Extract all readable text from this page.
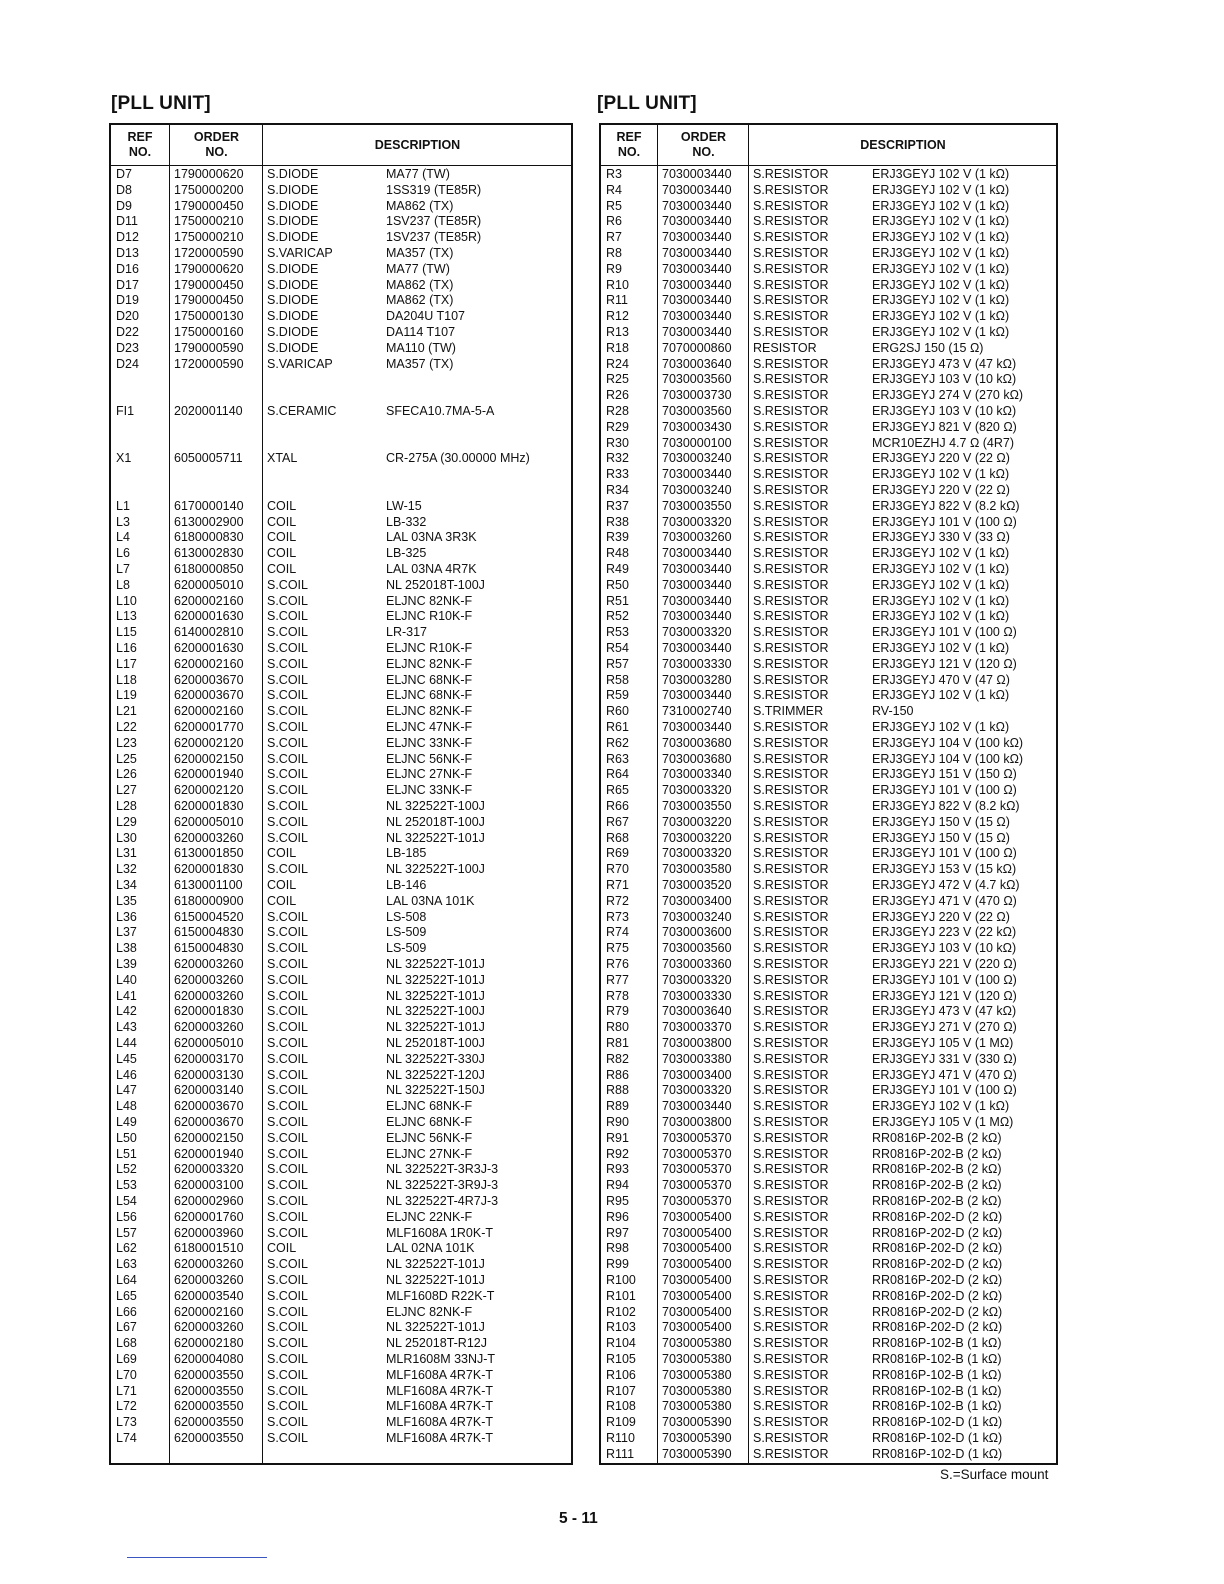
[PLL UNIT]	[PLL UNIT]
REF
NO.
ORDER
NO.
DESCRIPTION
D7	1790000620 S.DIODE	MA77 (TW)
D8	1750000200 S.DIODE	1SS319 (TE85R)
D9	1790000450 S.DIODE	MA862 (TX)
D11	1750000210 S.DIODE	1SV237 (TE85R)
D12	1750000210 S.DIODE	1SV237 (TE85R)
D13	1720000590 S.VARICAP	MA357 (TX)
D16	1790000620 S.DIODE	MA77 (TW)
D17	1790000450 S.DIODE	MA862 (TX)
D19	1790000450 S.DIODE	MA862 (TX)
D20	1750000130 S.DIODE	DA204U T107
D22	1750000160 S.DIODE	DA114 T107
D23	1790000590 S.DIODE	MA110 (TW)
D24	1720000590 S.VARICAP	MA357 (TX)
FI1	2020001140 S.CERAMIC	SFECA10.7MA-5-A
X1	6050005711 XTAL	CR-275A (30.00000 MHz)
L1	6170000140 COIL	LW-15
L3	6130002900 COIL	LB-332
L4	6180000830 COIL	LAL 03NA 3R3K
L6	6130002830 COIL	LB-325
L7	6180000850 COIL	LAL 03NA 4R7K
L8	6200005010 S.COIL	NL 252018T-100J
L10	6200002160 S.COIL	ELJNC 82NK-F
L13	6200001630 S.COIL	ELJNC R10K-F
L15	6140002810 S.COIL	LR-317
L16	6200001630 S.COIL	ELJNC R10K-F
L17	6200002160 S.COIL	ELJNC 82NK-F
L18	6200003670 S.COIL	ELJNC 68NK-F
L19	6200003670 S.COIL	ELJNC 68NK-F
L21	6200002160 S.COIL	ELJNC 82NK-F
L22	6200001770 S.COIL	ELJNC 47NK-F
L23	6200002120 S.COIL	ELJNC 33NK-F
L25	6200002150 S.COIL	ELJNC 56NK-F
L26	6200001940 S.COIL	ELJNC 27NK-F
L27	6200002120 S.COIL	ELJNC 33NK-F
L28	6200001830 S.COIL	NL 322522T-100J
L29	6200005010 S.COIL	NL 252018T-100J
L30	6200003260 S.COIL	NL 322522T-101J
L31	6130001850 COIL	LB-185
L32	6200001830 S.COIL	NL 322522T-100J
L34	6130001100 COIL	LB-146
L35	6180000900 COIL	LAL 03NA 101K
L36	6150004520 S.COIL	LS-508
L37	6150004830 S.COIL	LS-509
L38	6150004830 S.COIL	LS-509
L39	6200003260 S.COIL	NL 322522T-101J
L40	6200003260 S.COIL	NL 322522T-101J
L41	6200003260 S.COIL	NL 322522T-101J
L42	6200001830 S.COIL	NL 322522T-100J
L43	6200003260 S.COIL	NL 322522T-101J
L44	6200005010 S.COIL	NL 252018T-100J
L45	6200003170 S.COIL	NL 322522T-330J
L46	6200003130 S.COIL	NL 322522T-120J
L47	6200003140 S.COIL	NL 322522T-150J
L48	6200003670 S.COIL	ELJNC 68NK-F
L49	6200003670 S.COIL	ELJNC 68NK-F
L50	6200002150 S.COIL	ELJNC 56NK-F
L51	6200001940 S.COIL	ELJNC 27NK-F
L52	6200003320 S.COIL	NL 322522T-3R3J-3
L53	6200003100 S.COIL	NL 322522T-3R9J-3
L54	6200002960 S.COIL	NL 322522T-4R7J-3
L56	6200001760 S.COIL	ELJNC 22NK-F
L57	6200003960 S.COIL	MLF1608A 1R0K-T
L62	6180001510 COIL	LAL 02NA 101K
L63	6200003260 S.COIL	NL 322522T-101J
L64	6200003260 S.COIL	NL 322522T-101J
L65	6200003540 S.COIL	MLF1608D R22K-T
L66	6200002160 S.COIL	ELJNC 82NK-F
L67	6200003260 S.COIL	NL 322522T-101J
L68	6200002180 S.COIL	NL 252018T-R12J
L69	6200004080 S.COIL	MLR1608M 33NJ-T
L70	6200003550 S.COIL	MLF1608A 4R7K-T
L71	6200003550 S.COIL	MLF1608A 4R7K-T
L72	6200003550 S.COIL	MLF1608A 4R7K-T
L73	6200003550 S.COIL	MLF1608A 4R7K-T
L74	6200003550 S.COIL	MLF1608A 4R7K-T
REF
NO.
ORDER
NO.
DESCRIPTION
R3	7030003440 S.RESISTOR	ERJ3GEYJ 102 V (1 kΩ)
R4	7030003440 S.RESISTOR	ERJ3GEYJ 102 V (1 kΩ)
R5	7030003440 S.RESISTOR	ERJ3GEYJ 102 V (1 kΩ)
R6	7030003440 S.RESISTOR	ERJ3GEYJ 102 V (1 kΩ)
R7	7030003440 S.RESISTOR	ERJ3GEYJ 102 V (1 kΩ)
R8	7030003440 S.RESISTOR	ERJ3GEYJ 102 V (1 kΩ)
R9	7030003440 S.RESISTOR	ERJ3GEYJ 102 V (1 kΩ)
R10	7030003440 S.RESISTOR	ERJ3GEYJ 102 V (1 kΩ)
R11	7030003440 S.RESISTOR	ERJ3GEYJ 102 V (1 kΩ)
R12	7030003440 S.RESISTOR	ERJ3GEYJ 102 V (1 kΩ)
R13	7030003440 S.RESISTOR	ERJ3GEYJ 102 V (1 kΩ)
R18	7070000860 RESISTOR	ERG2SJ 150 (15 Ω)
R24	7030003640 S.RESISTOR	ERJ3GEYJ 473 V (47 kΩ)
R25	7030003560 S.RESISTOR	ERJ3GEYJ 103 V (10 kΩ)
R26	7030003730 S.RESISTOR	ERJ3GEYJ 274 V (270 kΩ)
R28	7030003560 S.RESISTOR	ERJ3GEYJ 103 V (10 kΩ)
R29	7030003430 S.RESISTOR	ERJ3GEYJ 821 V (820 Ω)
R30	7030000100 S.RESISTOR	MCR10EZHJ 4.7 Ω (4R7)
R32	7030003240 S.RESISTOR	ERJ3GEYJ 220 V (22 Ω)
R33	7030003440 S.RESISTOR	ERJ3GEYJ 102 V (1 kΩ)
R34	7030003240 S.RESISTOR	ERJ3GEYJ 220 V (22 Ω)
R37	7030003550 S.RESISTOR	ERJ3GEYJ 822 V (8.2 kΩ)
R38	7030003320 S.RESISTOR	ERJ3GEYJ 101 V (100 Ω)
R39	7030003260 S.RESISTOR	ERJ3GEYJ 330 V (33 Ω)
R48	7030003440 S.RESISTOR	ERJ3GEYJ 102 V (1 kΩ)
R49	7030003440 S.RESISTOR	ERJ3GEYJ 102 V (1 kΩ)
R50	7030003440 S.RESISTOR	ERJ3GEYJ 102 V (1 kΩ)
R51	7030003440 S.RESISTOR	ERJ3GEYJ 102 V (1 kΩ)
R52	7030003440 S.RESISTOR	ERJ3GEYJ 102 V (1 kΩ)
R53	7030003320 S.RESISTOR	ERJ3GEYJ 101 V (100 Ω)
R54	7030003440 S.RESISTOR	ERJ3GEYJ 102 V (1 kΩ)
R57	7030003330 S.RESISTOR	ERJ3GEYJ 121 V (120 Ω)
R58	7030003280 S.RESISTOR	ERJ3GEYJ 470 V (47 Ω)
R59	7030003440 S.RESISTOR	ERJ3GEYJ 102 V (1 kΩ)
R60	7310002740 S.TRIMMER	RV-150
R61	7030003440 S.RESISTOR	ERJ3GEYJ 102 V (1 kΩ)
R62	7030003680 S.RESISTOR	ERJ3GEYJ 104 V (100 kΩ)
R63	7030003680 S.RESISTOR	ERJ3GEYJ 104 V (100 kΩ)
R64	7030003340 S.RESISTOR	ERJ3GEYJ 151 V (150 Ω)
R65	7030003320 S.RESISTOR	ERJ3GEYJ 101 V (100 Ω)
R66	7030003550 S.RESISTOR	ERJ3GEYJ 822 V (8.2 kΩ)
R67	7030003220 S.RESISTOR	ERJ3GEYJ 150 V (15 Ω)
R68	7030003220 S.RESISTOR	ERJ3GEYJ 150 V (15 Ω)
R69	7030003320 S.RESISTOR	ERJ3GEYJ 101 V (100 Ω)
R70	7030003580 S.RESISTOR	ERJ3GEYJ 153 V (15 kΩ)
R71	7030003520 S.RESISTOR	ERJ3GEYJ 472 V (4.7 kΩ)
R72	7030003400 S.RESISTOR	ERJ3GEYJ 471 V (470 Ω)
R73	7030003240 S.RESISTOR	ERJ3GEYJ 220 V (22 Ω)
R74	7030003600 S.RESISTOR	ERJ3GEYJ 223 V (22 kΩ)
R75	7030003560 S.RESISTOR	ERJ3GEYJ 103 V (10 kΩ)
R76	7030003360 S.RESISTOR	ERJ3GEYJ 221 V (220 Ω)
R77	7030003320 S.RESISTOR	ERJ3GEYJ 101 V (100 Ω)
R78	7030003330 S.RESISTOR	ERJ3GEYJ 121 V (120 Ω)
R79	7030003640 S.RESISTOR	ERJ3GEYJ 473 V (47 kΩ)
R80	7030003370 S.RESISTOR	ERJ3GEYJ 271 V (270 Ω)
R81	7030003800 S.RESISTOR	ERJ3GEYJ 105 V (1 MΩ)
R82	7030003380 S.RESISTOR	ERJ3GEYJ 331 V (330 Ω)
R86	7030003400 S.RESISTOR	ERJ3GEYJ 471 V (470 Ω)
R88	7030003320 S.RESISTOR	ERJ3GEYJ 101 V (100 Ω)
R89	7030003440 S.RESISTOR	ERJ3GEYJ 102 V (1 kΩ)
R90	7030003800 S.RESISTOR	ERJ3GEYJ 105 V (1 MΩ)
R91	7030005370 S.RESISTOR	RR0816P-202-B (2 kΩ)
R92	7030005370 S.RESISTOR	RR0816P-202-B (2 kΩ)
R93	7030005370 S.RESISTOR	RR0816P-202-B (2 kΩ)
R94	7030005370 S.RESISTOR	RR0816P-202-B (2 kΩ)
R95	7030005370 S.RESISTOR	RR0816P-202-B (2 kΩ)
R96	7030005400 S.RESISTOR	RR0816P-202-D (2 kΩ)
R97	7030005400 S.RESISTOR	RR0816P-202-D (2 kΩ)
R98	7030005400 S.RESISTOR	RR0816P-202-D (2 kΩ)
R99	7030005400 S.RESISTOR	RR0816P-202-D (2 kΩ)
R100 7030005400 S.RESISTOR	RR0816P-202-D (2 kΩ)
R101 7030005400 S.RESISTOR	RR0816P-202-D (2 kΩ)
R102 7030005400 S.RESISTOR	RR0816P-202-D (2 kΩ)
R103 7030005400 S.RESISTOR	RR0816P-202-D (2 kΩ)
R104 7030005380 S.RESISTOR	RR0816P-102-B (1 kΩ)
R105 7030005380 S.RESISTOR	RR0816P-102-B (1 kΩ)
R106 7030005380 S.RESISTOR	RR0816P-102-B (1 kΩ)
R107 7030005380 S.RESISTOR	RR0816P-102-B (1 kΩ)
R108 7030005380 S.RESISTOR	RR0816P-102-B (1 kΩ)
R109 7030005390 S.RESISTOR	RR0816P-102-D (1 kΩ)
R110 7030005390 S.RESISTOR	RR0816P-102-D (1 kΩ)
R111 7030005390 S.RESISTOR	RR0816P-102-D (1 kΩ)
S.=Surface mount
5 - 11
